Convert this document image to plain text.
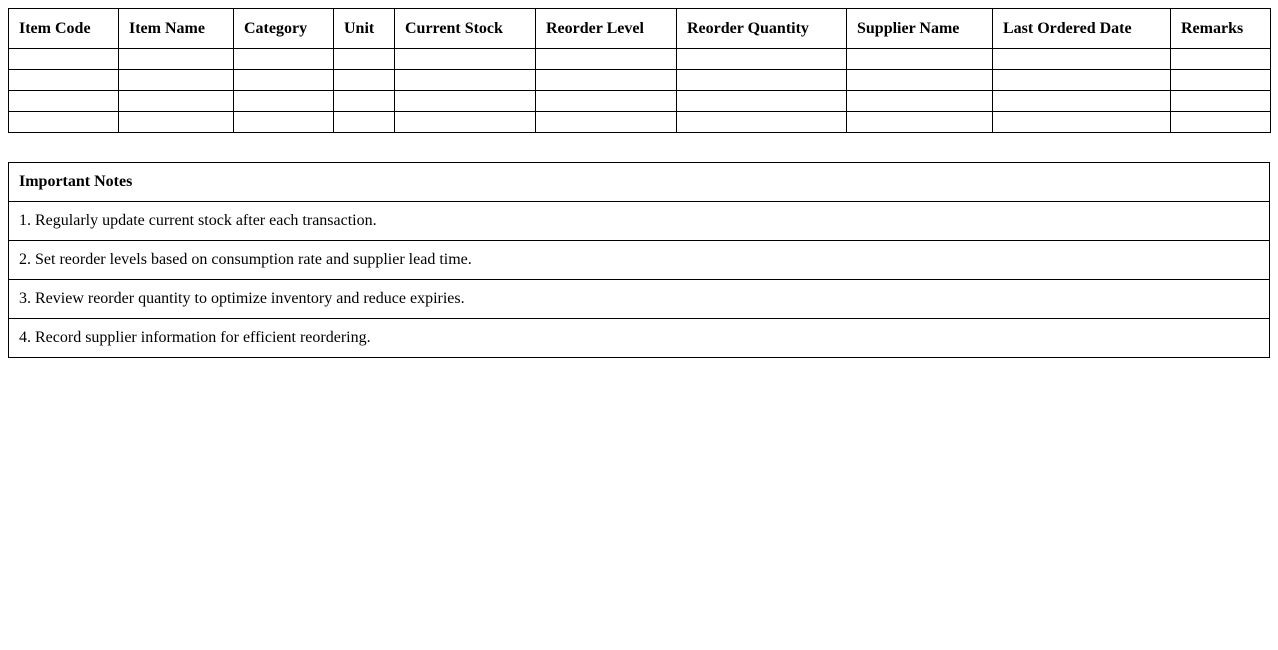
Item Code	Item Name	Category	Unit	Current Stock	Reorder Level	Reorder Quantity	Supplier Name	Last Ordered Date	Remarks

Important Notes
1. Regularly update current stock after each transaction.
2. Set reorder levels based on consumption rate and supplier lead time.
3. Review reorder quantity to optimize inventory and reduce expiries.
4. Record supplier information for efficient reordering.
